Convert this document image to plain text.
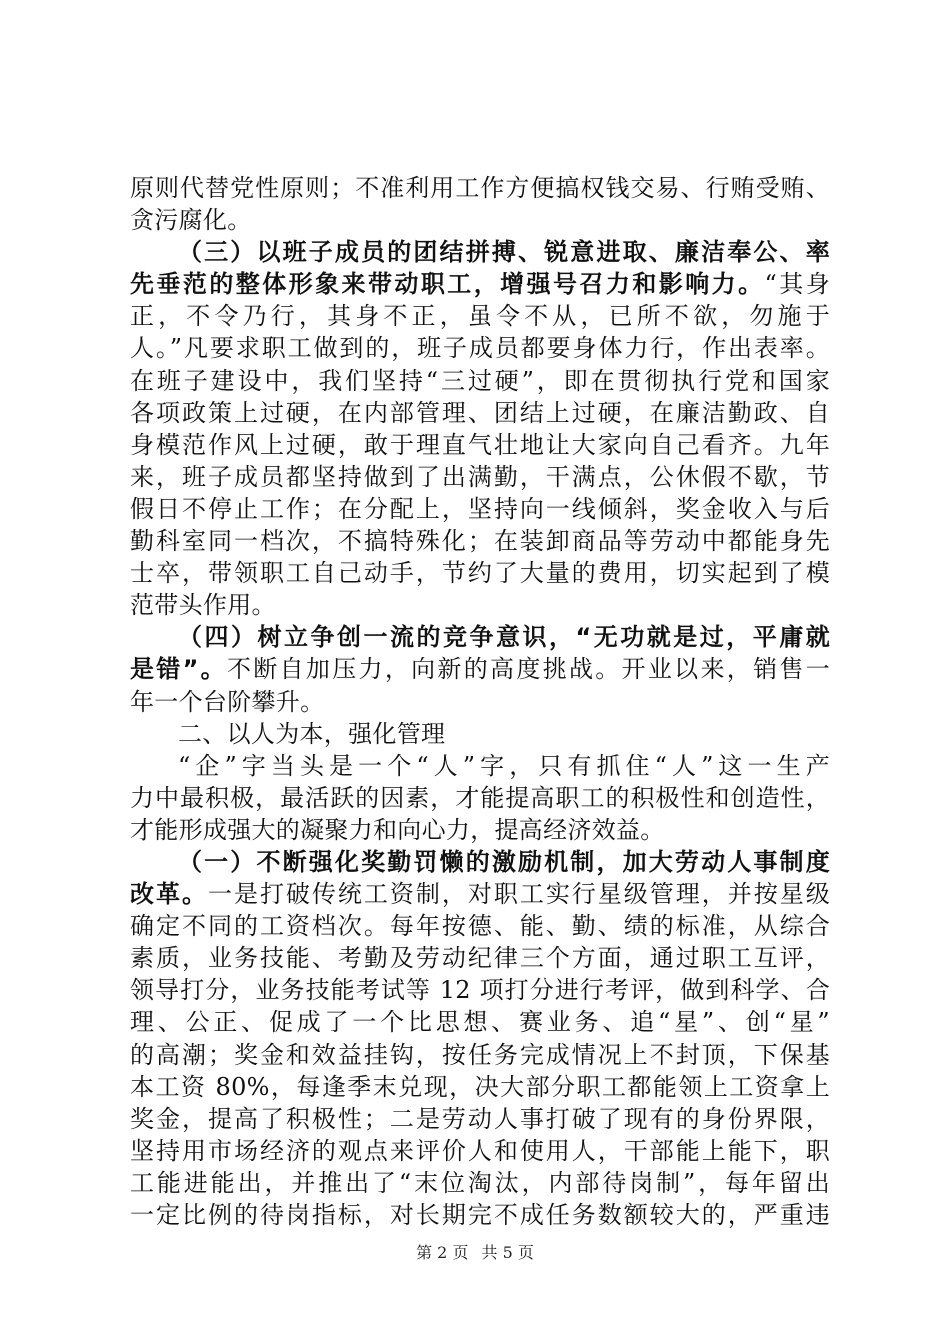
原则代替党性原则；不准利用工作方便搞权钱交易、行贿受贿、
贪污腐化。
（三）以班子成员的团结拼搏、锐意进取、廉洁奉公、率
先垂范的整体形象来带动职工，增强号召力和影响力。“其身
正，不令乃行，其身不正，虽令不从，已所不欲，勿施于
人。”凡要求职工做到的，班子成员都要身体力行，作出表率。
在班子建设中，我们坚持“三过硬”，即在贯彻执行党和国家
各项政策上过硬，在内部管理、团结上过硬，在廉洁勤政、自
身模范作风上过硬，敢于理直气壮地让大家向自己看齐。九年
来，班子成员都坚持做到了出满勤，干满点，公休假不歇，节
假日不停止工作；在分配上，坚持向一线倾斜，奖金收入与后
勤科室同一档次，不搞特殊化；在装卸商品等劳动中都能身先
士卒，带领职工自己动手，节约了大量的费用，切实起到了模
范带头作用。
（四）树立争创一流的竞争意识，“无功就是过，平庸就
是错”。不断自加压力，向新的高度挑战。开业以来，销售一
年一个台阶攀升。
二、以人为本，强化管理
“企”字当头是一个“人”字，只有抓住“人”这一生产
力中最积极，最活跃的因素，才能提高职工的积极性和创造性，
才能形成强大的凝聚力和向心力，提高经济效益。
（一）不断强化奖勤罚懒的激励机制，加大劳动人事制度
改革。一是打破传统工资制，对职工实行星级管理，并按星级
确定不同的工资档次。每年按德、能、勤、绩的标准，从综合
素质，业务技能、考勤及劳动纪律三个方面，通过职工互评，
领导打分，业务技能考试等 12 项打分进行考评，做到科学、合
理、公正、促成了一个比思想、赛业务、追“星”、创“星”
的高潮；奖金和效益挂钩，按任务完成情况上不封顶，下保基
本工资 80%，每逢季末兑现，决大部分职工都能领上工资拿上
奖金，提高了积极性；二是劳动人事打破了现有的身份界限，
坚持用市场经济的观点来评价人和使用人，干部能上能下，职
工能进能出，并推出了“末位淘汰，内部待岗制”，每年留出
一定比例的待岗指标，对长期完不成任务数额较大的，严重违
第 2 页 共 5 页
